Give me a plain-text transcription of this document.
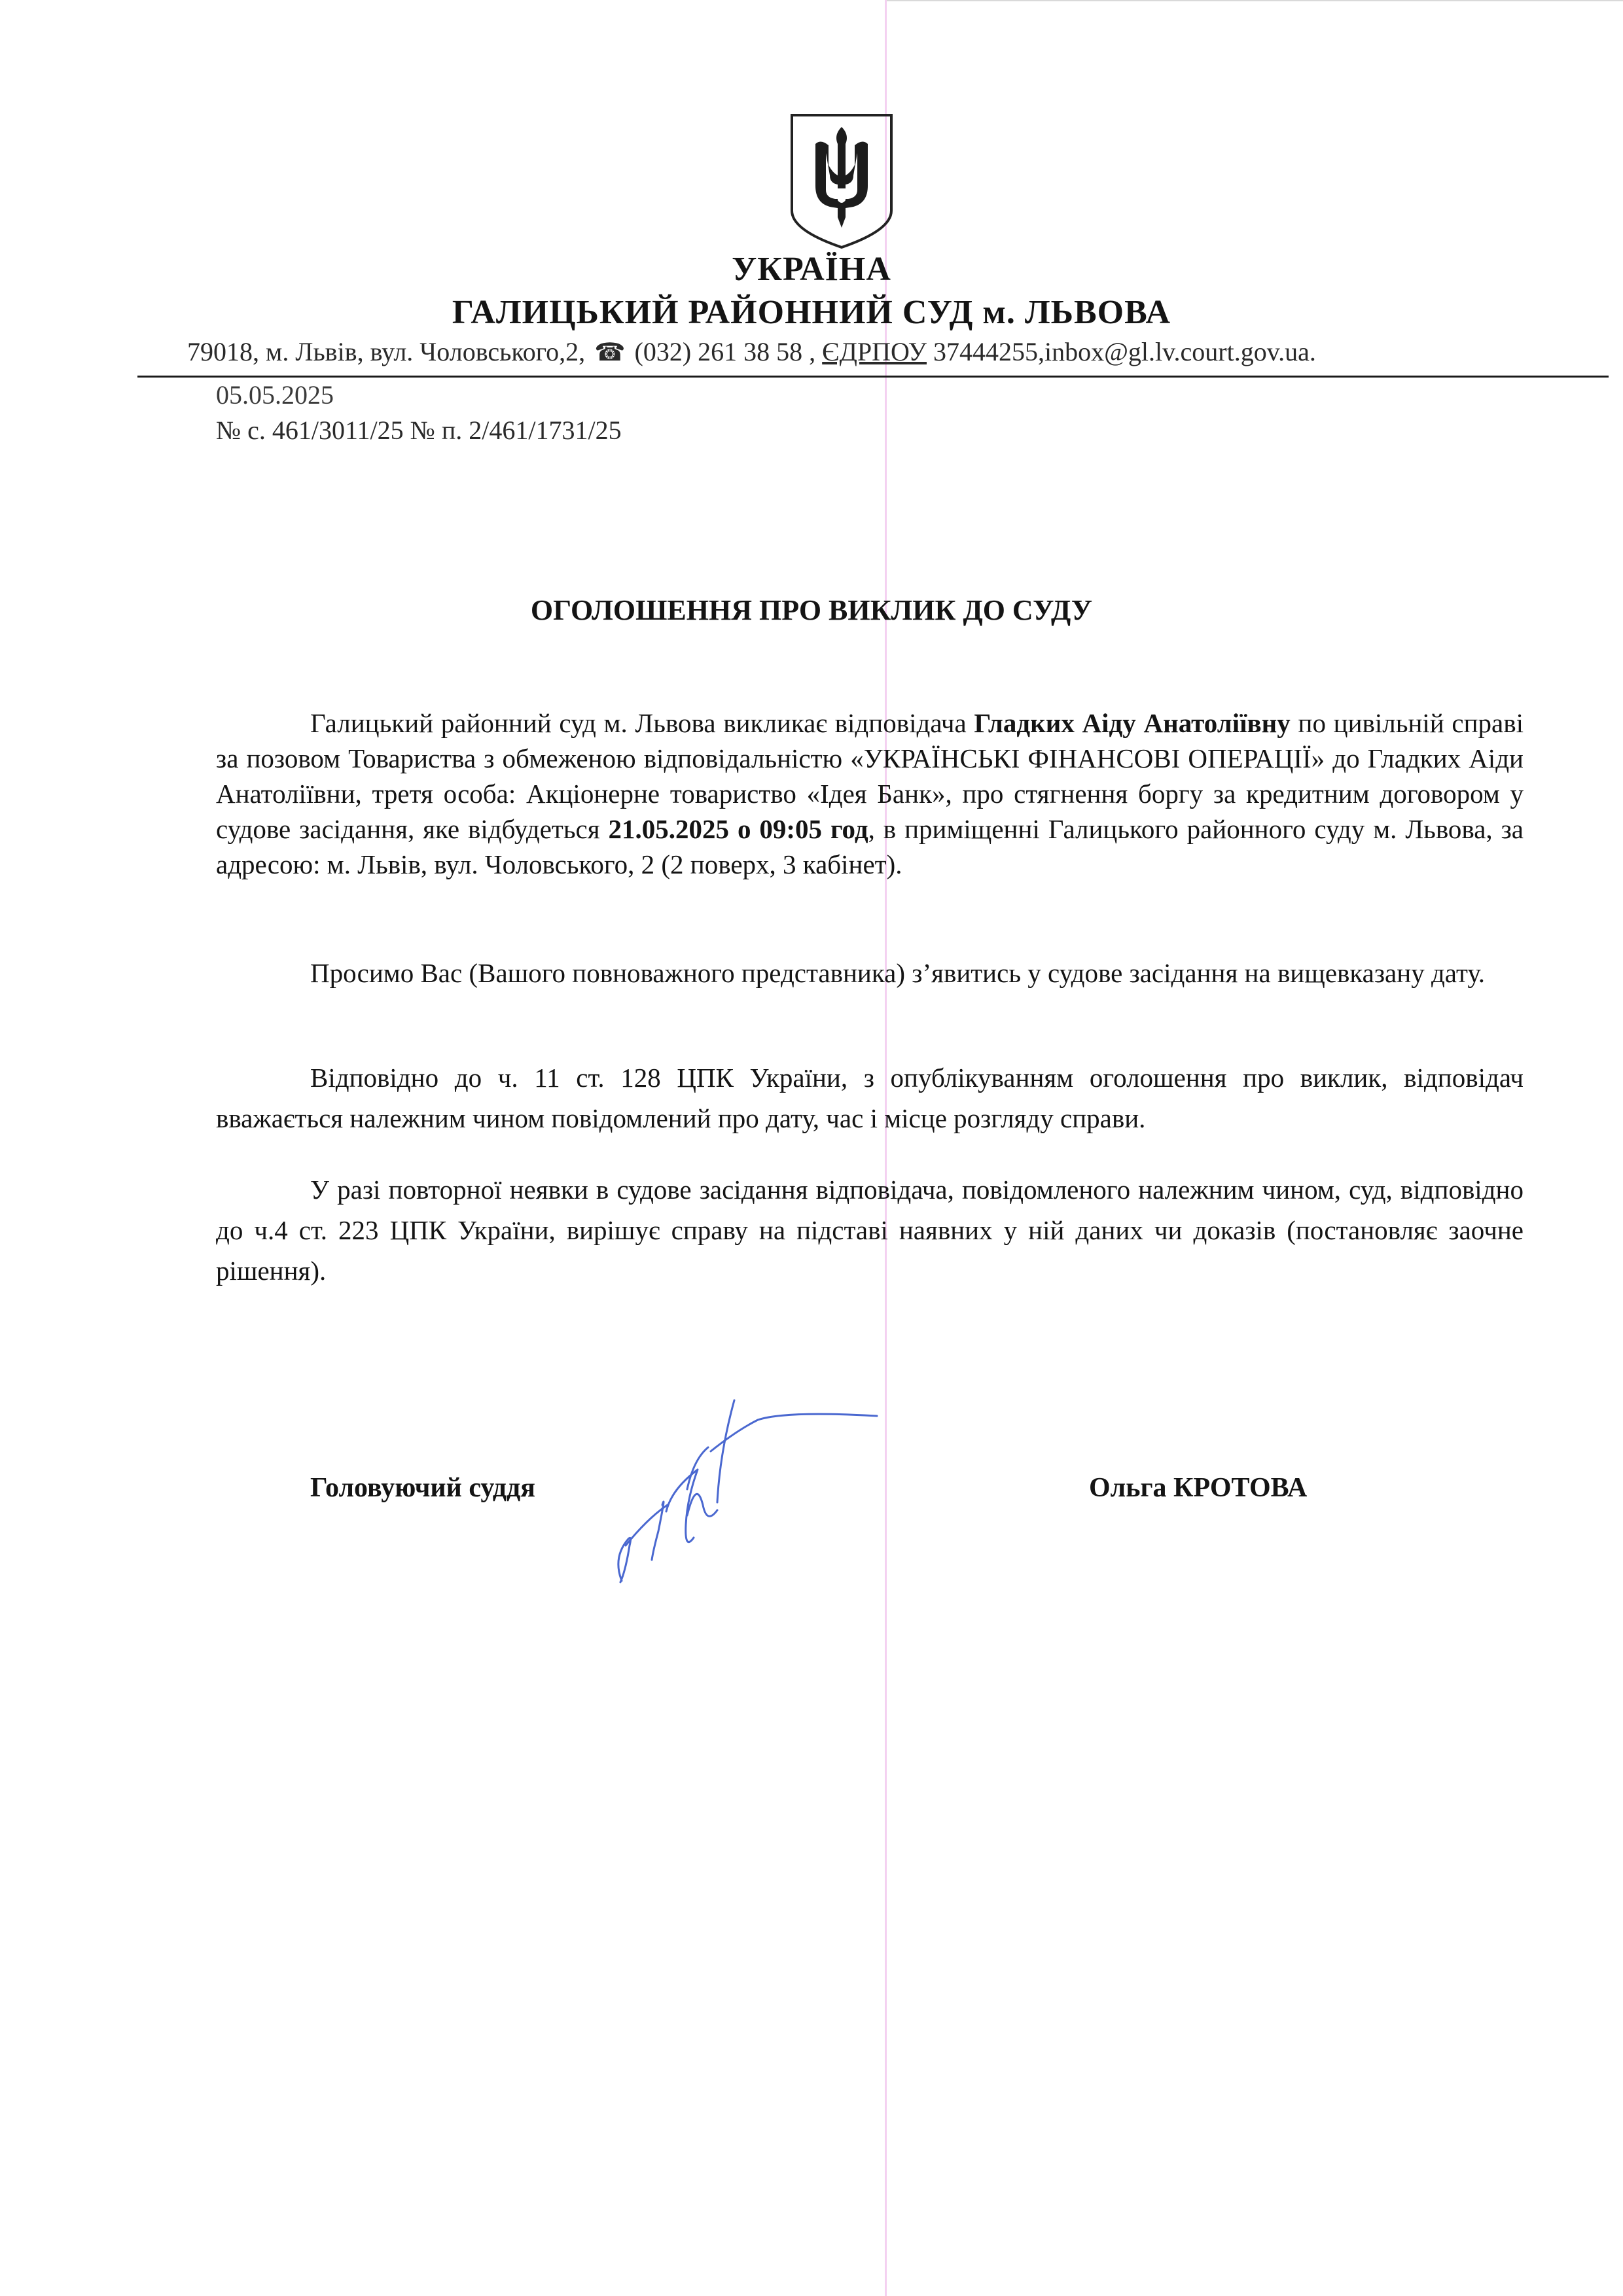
УКРАЇНА
ГАЛИЦЬКИЙ РАЙОННИЙ СУД м. ЛЬВОВА
79018, м. Львів, вул. Чоловського,2, ☎ (032) 261 38 58 , ЄДРПОУ 37444255,inbox@gl.lv.court.gov.ua.
05.05.2025
№ с. 461/3011/25 № п. 2/461/1731/25
ОГОЛОШЕННЯ ПРО ВИКЛИК ДО СУДУ
Галицький районний суд м. Львова викликає відповідача Гладких Аіду Анатоліївну по цивільній справі за позовом Товариства з обмеженою відповідальністю «УКРАЇНСЬКІ ФІНАНСОВІ ОПЕРАЦІЇ» до Гладких Аіди Анатоліївни, третя особа: Акціонерне товариство «Ідея Банк», про стягнення боргу за кредитним договором у судове засідання, яке відбудеться 21.05.2025 о 09:05 год, в приміщенні Галицького районного суду м. Львова, за адресою: м. Львів, вул. Чоловського, 2 (2 поверх, 3 кабінет).
Просимо Вас (Вашого повноважного представника) з’явитись у судове засідання на вищевказану дату.
Відповідно до ч. 11 ст. 128 ЦПК України, з опублікуванням оголошення про виклик, відповідач вважається належним чином повідомлений про дату, час і місце розгляду справи.
У разі повторної неявки в судове засідання відповідача, повідомленого належним чином, суд, відповідно до ч.4 ст. 223 ЦПК України, вирішує справу на підставі наявних у ній даних чи доказів (постановляє заочне рішення).
Головуючий суддя	Ольга КРОТОВА
